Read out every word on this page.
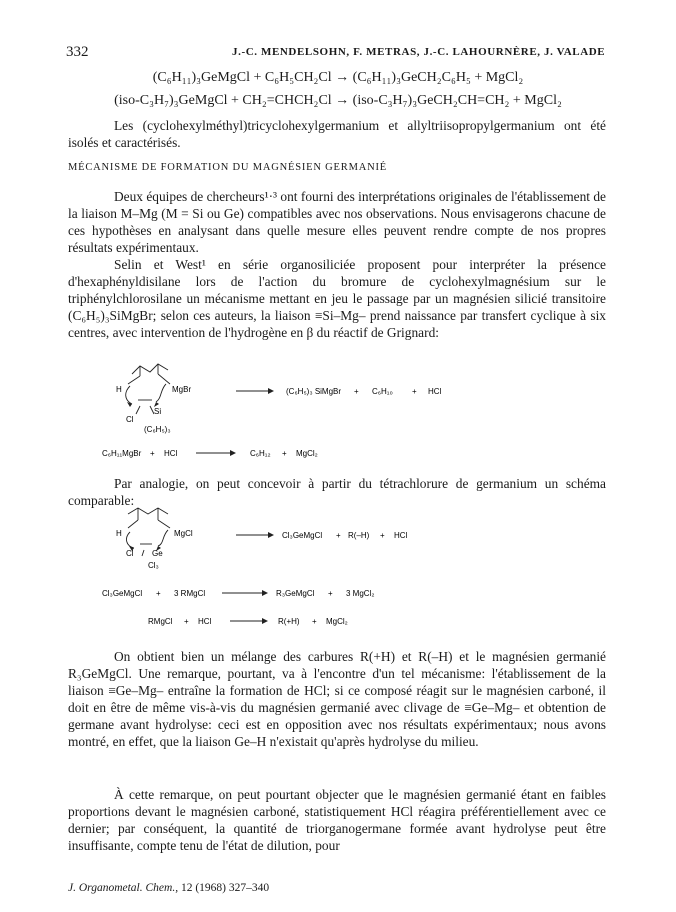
332	J.-C. MENDELSOHN, F. METRAS, J.-C. LAHOURNÈRE, J. VALADE
(C₆H₁₁)₃GeMgCl + C₆H₅CH₂Cl → (C₆H₁₁)₃GeCH₂C₆H₅ + MgCl₂
(iso-C₃H₇)₃GeMgCl + CH₂=CHCH₂Cl → (iso-C₃H₇)₃GeCH₂CH=CH₂ + MgCl₂

Les (cyclohexylméthyl)tricyclohexylgermanium et allyltriisopropylgermanium ont été isolés et caractérisés.

MÉCANISME DE FORMATION DU MAGNÉSIEN GERMANIÉ

Deux équipes de chercheurs¹·³ ont fourni des interprétations originales de l'établissement de la liaison M–Mg (M = Si ou Ge) compatibles avec nos observations. Nous envisagerons chacune de ces hypothèses en analysant dans quelle mesure elles peuvent rendre compte de nos propres résultats expérimentaux.

Selin et West¹ en série organosiliciée proposent pour interpréter la présence d'hexaphényldisilane lors de l'action du bromure de cyclohexylmagnésium sur le triphénylchlorosilane un mécanisme mettant en jeu le passage par un magnésien silicié transitoire (C₆H₅)₃SiMgBr; selon ces auteurs, la liaison ≡Si–Mg– prend naissance par transfert cyclique à six centres, avec intervention de l'hydrogène en β du réactif de Grignard:

H	MgBr
Cl
Si
(C₆H₅)₃
(C₆H₅)₃ SiMgBr + C₆H₁₀ + HCl
C₆H₁₁MgBr + HCl	C₆H₁₂ + MgCl₂

Par analogie, on peut concevoir à partir du tétrachlorure de germanium un schéma comparable:

H	MgCl
Cl Ge
Cl₃
Cl₃GeMgCl + R(–H) + HCl
Cl₃GeMgCl + 3 RMgCl	R₃GeMgCl + 3 MgCl₂
RMgCl + HCl	R(+H) + MgCl₂

On obtient bien un mélange des carbures R(+H) et R(–H) et le magnésien germanié R₃GeMgCl. Une remarque, pourtant, va à l'encontre d'un tel mécanisme: l'établissement de la liaison ≡Ge–Mg– entraîne la formation de HCl; si ce composé réagit sur le magnésien carboné, il doit en être de même vis-à-vis du magnésien germanié avec clivage de ≡Ge–Mg– et obtention de germane avant hydrolyse: ceci est en opposition avec nos résultats expérimentaux; nous avons montré, en effet, que la liaison Ge–H n'existait qu'après hydrolyse du milieu.

À cette remarque, on peut pourtant objecter que le magnésien germanié étant en faibles proportions devant le magnésien carboné, statistiquement HCl réagira préférentiellement avec ce dernier; par conséquent, la quantité de triorganogermane formée avant hydrolyse peut être insuffisante, compte tenu de l'état de dilution, pour

J. Organometal. Chem., 12 (1968) 327–340
